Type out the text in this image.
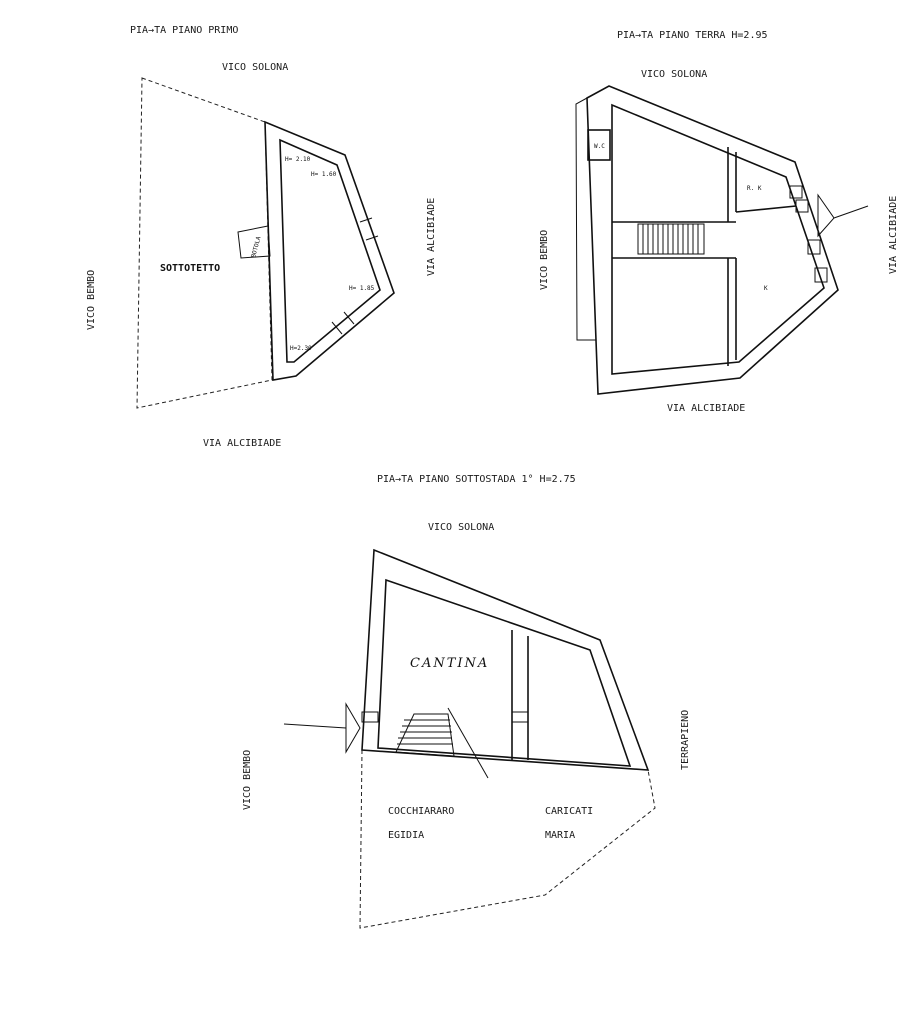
PIA→TA PIANO PRIMO
VICO SOLONA
VIA ALCIBIADE
VICO BEMBO
VIA ALCIBIADE
BOTOLA
SOTTOTETTO
H= 2.10
H= 1.60
H= 1.85
H=2.30
PIA→TA PIANO TERRA H=2.95
VICO SOLONA
VIA ALCIBIADE
VICO BEMBO	VIA ALCIBIADE
W.C
R. K
K
PIA→TA PIANO SOTTOSTADA 1° H=2.75
VICO SOLONA
VICO BEMBO
TERRAPIENO
CANTINA
COCCHIARARO
EGIDIA
CARICATI
MARIA
